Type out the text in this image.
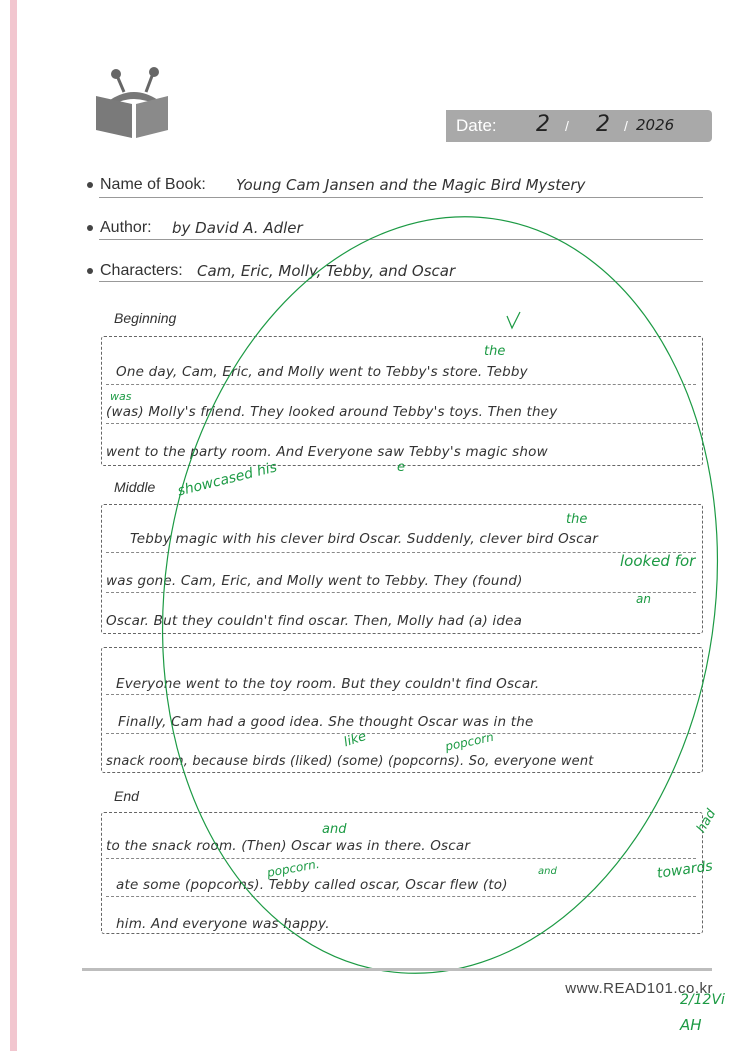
Date: 2 / 2 / 2026
Name of Book: Young Cam Jansen and the Magic Bird Mystery
Author: by David A. Adler
Characters: Cam, Eric, Molly, Tebby, and Oscar
Beginning
One day, Cam, Eric, and Molly went to Tebby's store. Tebby
(was) Molly's friend. They looked around Tebby's toys. Then they
went to the party room. And Everyone saw Tebby's magic show
Middle
Tebby magic with his clever bird Oscar. Suddenly, clever bird Oscar
was gone. Cam, Eric, and Molly went to Tebby. They (found)
Oscar. But they couldn't find oscar. Then, Molly had (a) idea
Everyone went to the toy room. But they couldn't find Oscar.
Finally, Cam had a good idea. She thought Oscar was in the
snack room, because birds (liked) (some) (popcorns). So, everyone went
End
to the snack room. (Then) Oscar was in there. Oscar
ate some (popcorns). Tebby called oscar, Oscar flew (to)
him. And everyone was happy.
the
was
e
showcased his
the
looked for
an
like	popcorn
and	had
popcorn.	and	towards
www.READ101.co.kr
2/12Vi
AH
